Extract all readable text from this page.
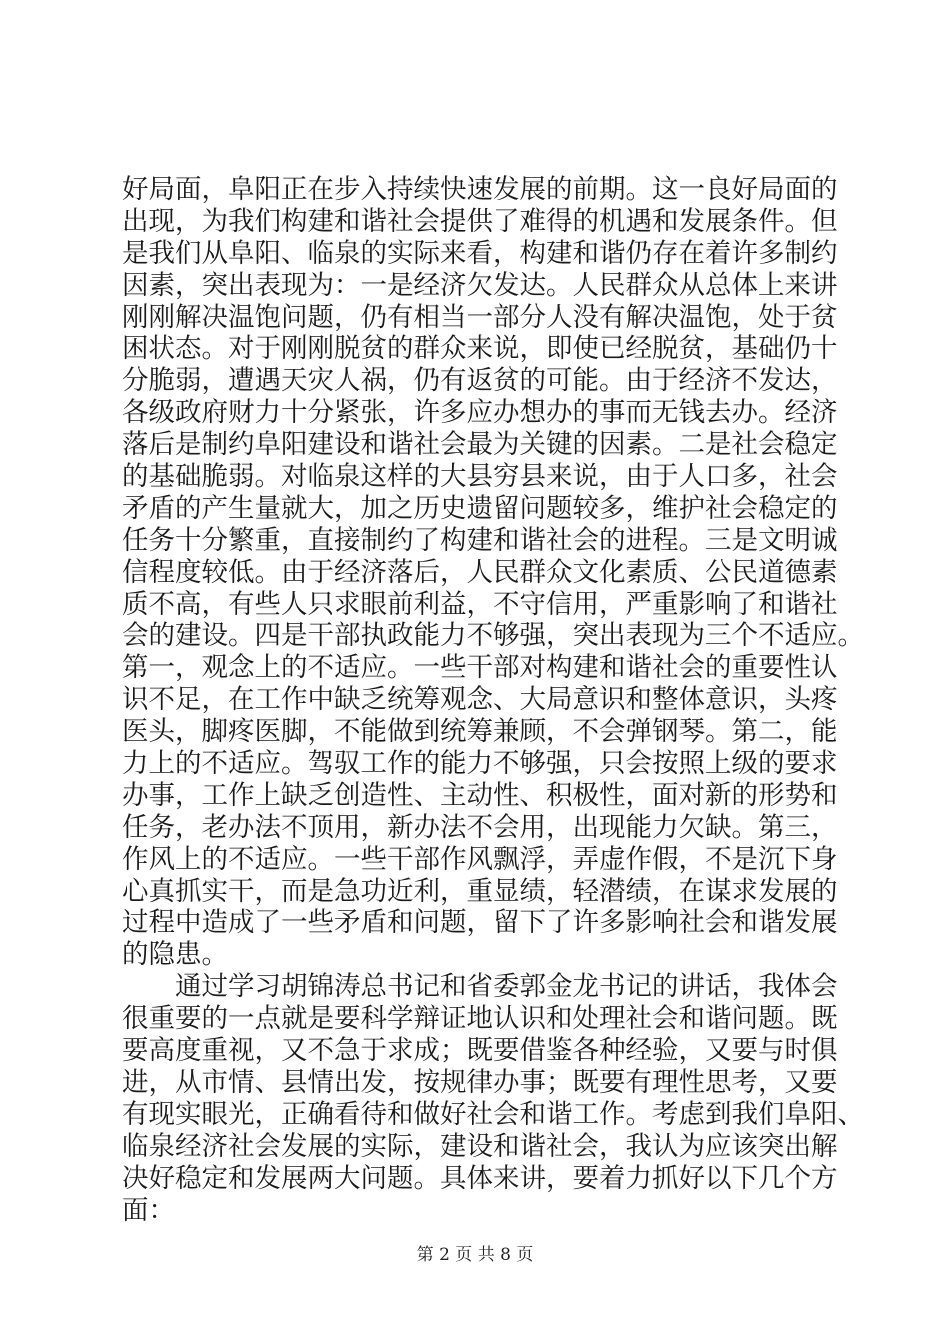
好局面，阜阳正在步入持续快速发展的前期。这一良好局面的
出现，为我们构建和谐社会提供了难得的机遇和发展条件。但
是我们从阜阳、临泉的实际来看，构建和谐仍存在着许多制约
因素，突出表现为：一是经济欠发达。人民群众从总体上来讲
刚刚解决温饱问题，仍有相当一部分人没有解决温饱，处于贫
困状态。对于刚刚脱贫的群众来说，即使已经脱贫，基础仍十
分脆弱，遭遇天灾人祸，仍有返贫的可能。由于经济不发达，
各级政府财力十分紧张，许多应办想办的事而无钱去办。经济
落后是制约阜阳建设和谐社会最为关键的因素。二是社会稳定
的基础脆弱。对临泉这样的大县穷县来说，由于人口多，社会
矛盾的产生量就大，加之历史遗留问题较多，维护社会稳定的
任务十分繁重，直接制约了构建和谐社会的进程。三是文明诚
信程度较低。由于经济落后，人民群众文化素质、公民道德素
质不高，有些人只求眼前利益，不守信用，严重影响了和谐社
会的建设。四是干部执政能力不够强，突出表现为三个不适应。
第一，观念上的不适应。一些干部对构建和谐社会的重要性认
识不足，在工作中缺乏统筹观念、大局意识和整体意识，头疼
医头，脚疼医脚，不能做到统筹兼顾，不会弹钢琴。第二，能
力上的不适应。驾驭工作的能力不够强，只会按照上级的要求
办事，工作上缺乏创造性、主动性、积极性，面对新的形势和
任务，老办法不顶用，新办法不会用，出现能力欠缺。第三，
作风上的不适应。一些干部作风飘浮，弄虚作假，不是沉下身
心真抓实干，而是急功近利，重显绩，轻潜绩，在谋求发展的
过程中造成了一些矛盾和问题，留下了许多影响社会和谐发展
的隐患。
通过学习胡锦涛总书记和省委郭金龙书记的讲话，我体会
很重要的一点就是要科学辩证地认识和处理社会和谐问题。既
要高度重视，又不急于求成；既要借鉴各种经验，又要与时俱
进，从市情、县情出发，按规律办事；既要有理性思考，又要
有现实眼光，正确看待和做好社会和谐工作。考虑到我们阜阳、
临泉经济社会发展的实际，建设和谐社会，我认为应该突出解
决好稳定和发展两大问题。具体来讲，要着力抓好以下几个方
面：
第 2 页 共 8 页
